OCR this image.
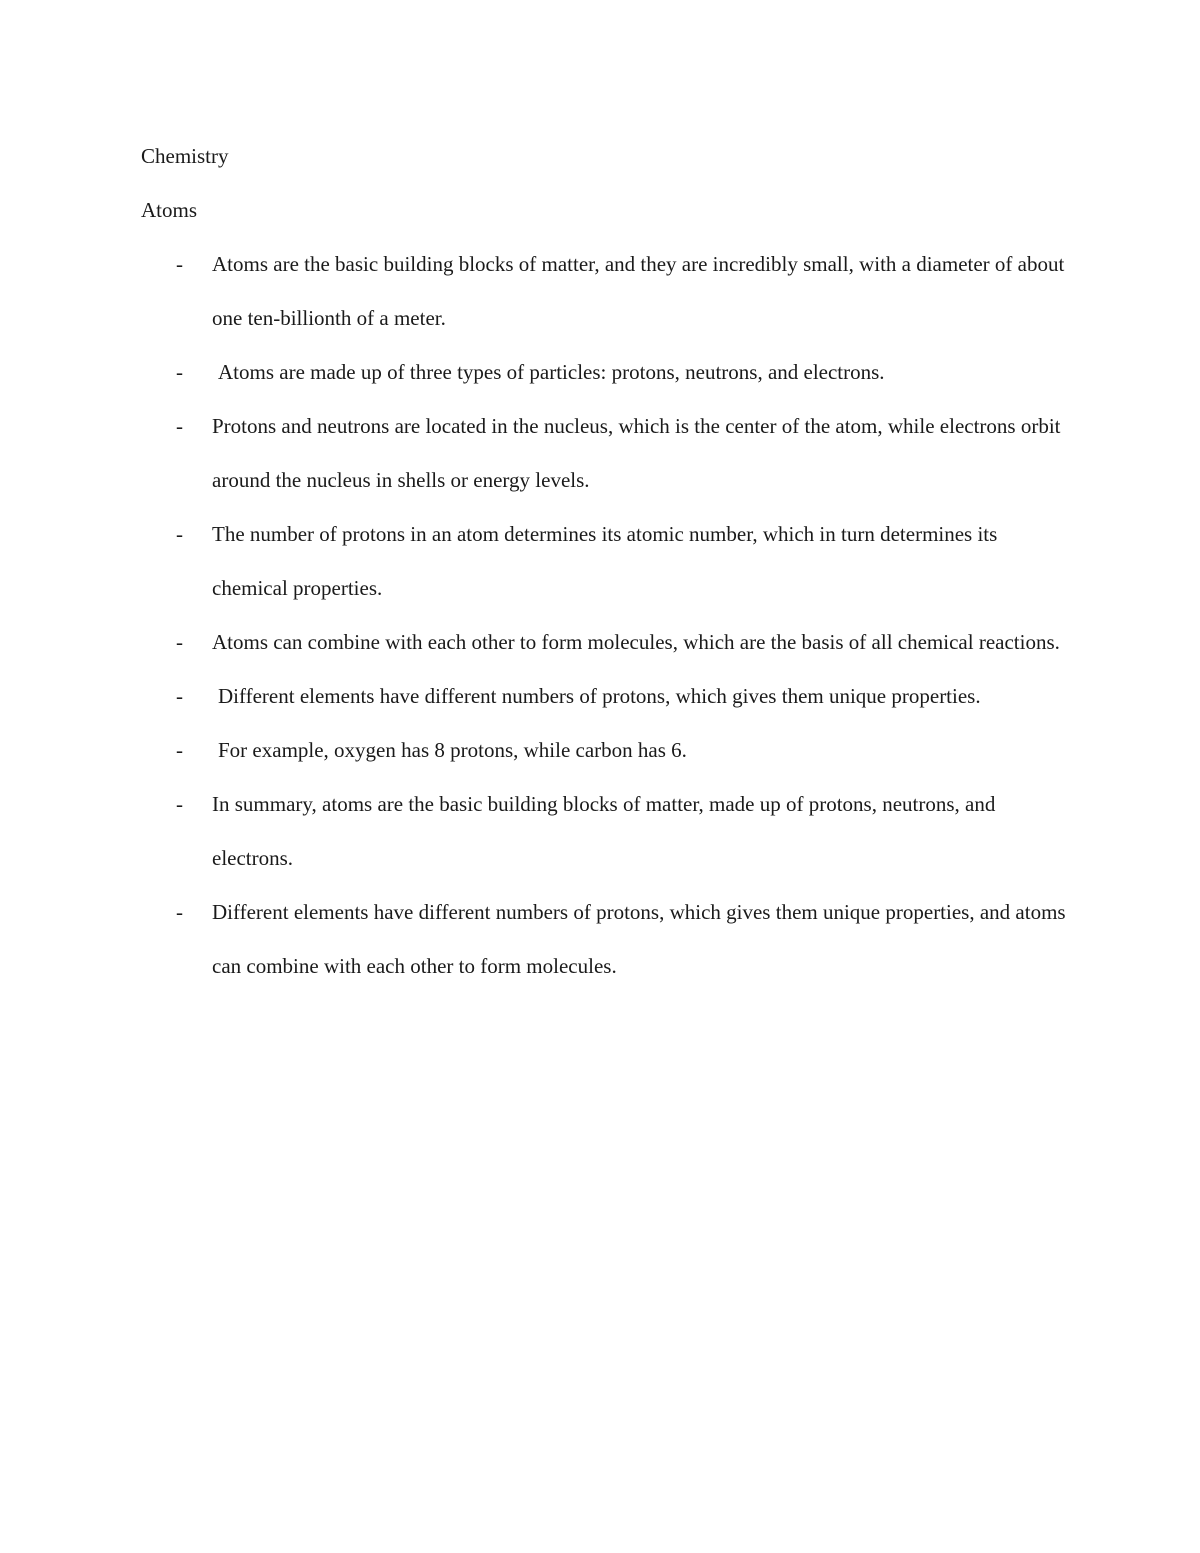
Chemistry

Atoms

- Atoms are the basic building blocks of matter, and they are incredibly small, with a diameter of about one ten-billionth of a meter.
- Atoms are made up of three types of particles: protons, neutrons, and electrons.
- Protons and neutrons are located in the nucleus, which is the center of the atom, while electrons orbit around the nucleus in shells or energy levels.
- The number of protons in an atom determines its atomic number, which in turn determines its chemical properties.
- Atoms can combine with each other to form molecules, which are the basis of all chemical reactions.
- Different elements have different numbers of protons, which gives them unique properties.
- For example, oxygen has 8 protons, while carbon has 6.
- In summary, atoms are the basic building blocks of matter, made up of protons, neutrons, and electrons.
- Different elements have different numbers of protons, which gives them unique properties, and atoms can combine with each other to form molecules.
